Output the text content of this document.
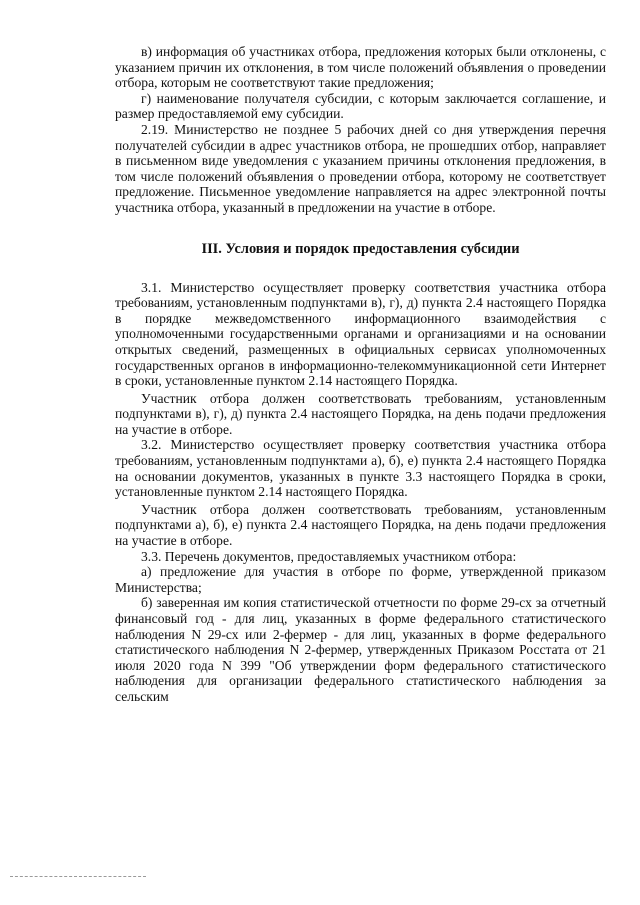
в) информация об участниках отбора, предложения которых были отклонены, с указанием причин их отклонения, в том числе положений объявления о проведении отбора, которым не соответствуют такие предложения;

г) наименование получателя субсидии, с которым заключается соглашение, и размер предоставляемой ему субсидии.

2.19. Министерство не позднее 5 рабочих дней со дня утверждения перечня получателей субсидии в адрес участников отбора, не прошедших отбор, направляет в письменном виде уведомления с указанием причины отклонения предложения, в том числе положений объявления о проведении отбора, которому не соответствует предложение. Письменное уведомление направляется на адрес электронной почты участника отбора, указанный в предложении на участие в отборе.

III. Условия и порядок предоставления субсидии

3.1. Министерство осуществляет проверку соответствия участника отбора требованиям, установленным подпунктами в), г), д) пункта 2.4 настоящего Порядка в порядке межведомственного информационного взаимодействия с уполномоченными государственными органами и организациями и на основании открытых сведений, размещенных в официальных сервисах уполномоченных государственных органов в информационно-телекоммуникационной сети Интернет в сроки, установленные пунктом 2.14 настоящего Порядка.

Участник отбора должен соответствовать требованиям, установленным подпунктами в), г), д) пункта 2.4 настоящего Порядка, на день подачи предложения на участие в отборе.

3.2. Министерство осуществляет проверку соответствия участника отбора требованиям, установленным подпунктами а), б), е) пункта 2.4 настоящего Порядка на основании документов, указанных в пункте 3.3 настоящего Порядка в сроки, установленные пунктом 2.14 настоящего Порядка.

Участник отбора должен соответствовать требованиям, установленным подпунктами а), б), е) пункта 2.4 настоящего Порядка, на день подачи предложения на участие в отборе.

3.3. Перечень документов, предоставляемых участником отбора:

а) предложение для участия в отборе по форме, утвержденной приказом Министерства;

б) заверенная им копия статистической отчетности по форме 29-сх за отчетный финансовый год - для лиц, указанных в форме федерального статистического наблюдения N 29-сх или 2-фермер - для лиц, указанных в форме федерального статистического наблюдения N 2-фермер, утвержденных Приказом Росстата от 21 июля 2020 года N 399 "Об утверждении форм федерального статистического наблюдения для организации федерального статистического наблюдения за сельским
